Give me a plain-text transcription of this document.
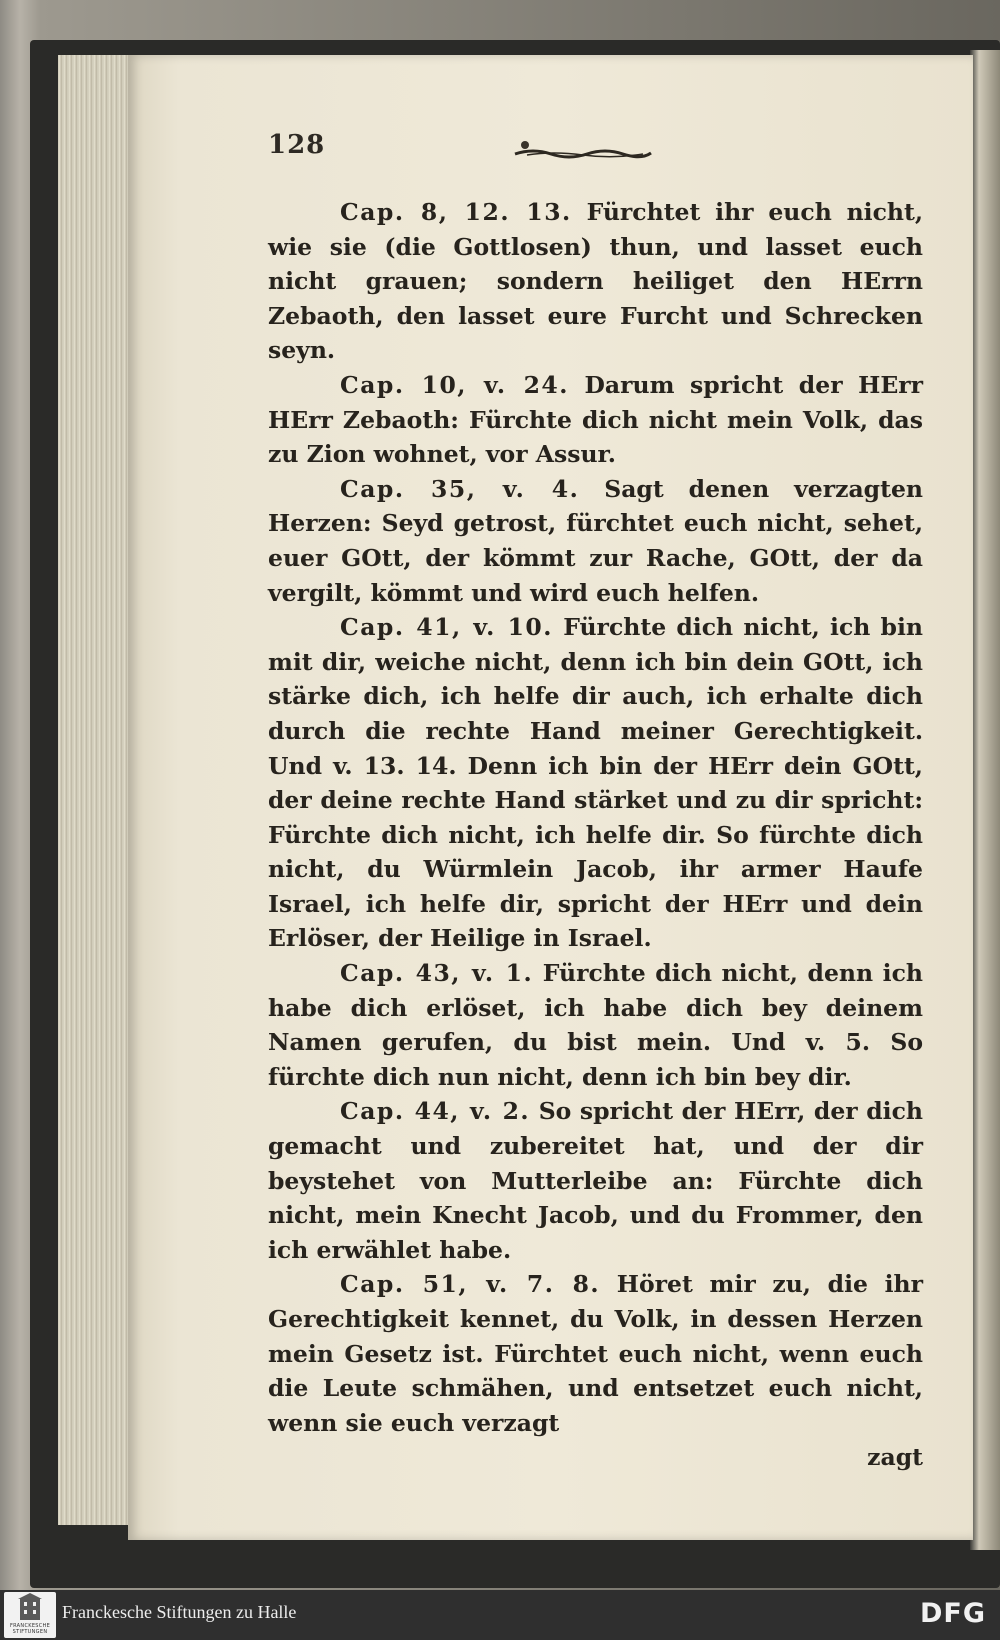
128

Cap. 8, 12. 13. Fürchtet ihr euch nicht, wie sie (die Gottlosen) thun, und lasset euch nicht grauen; sondern heiliget den HErrn Zebaoth, den lasset eure Furcht und Schrecken seyn.

Cap. 10, v. 24. Darum spricht der HErr HErr Zebaoth: Fürchte dich nicht mein Volk, das zu Zion wohnet, vor Assur.

Cap. 35, v. 4. Sagt denen verzagten Herzen: Seyd getrost, fürchtet euch nicht, sehet, euer GOtt, der kömmt zur Rache, GOtt, der da vergilt, kömmt und wird euch helfen.

Cap. 41, v. 10. Fürchte dich nicht, ich bin mit dir, weiche nicht, denn ich bin dein GOtt, ich stärke dich, ich helfe dir auch, ich erhalte dich durch die rechte Hand meiner Gerechtigkeit. Und v. 13. 14. Denn ich bin der HErr dein GOtt, der deine rechte Hand stärket und zu dir spricht: Fürchte dich nicht, ich helfe dir. So fürchte dich nicht, du Würmlein Jacob, ihr armer Haufe Israel, ich helfe dir, spricht der HErr und dein Erlöser, der Heilige in Israel.

Cap. 43, v. 1. Fürchte dich nicht, denn ich habe dich erlöset, ich habe dich bey deinem Namen gerufen, du bist mein. Und v. 5. So fürchte dich nun nicht, denn ich bin bey dir.

Cap. 44, v. 2. So spricht der HErr, der dich gemacht und zubereitet hat, und der dir beystehet von Mutterleibe an: Fürchte dich nicht, mein Knecht Jacob, und du Frommer, den ich erwählet habe.

Cap. 51, v. 7. 8. Höret mir zu, die ihr Gerechtigkeit kennet, du Volk, in dessen Herzen mein Gesetz ist. Fürchtet euch nicht, wenn euch die Leute schmähen, und entsetzet euch nicht, wenn sie euch verzagt

zagt
FRANCKESCHE STIFTUNGEN
Franckesche Stiftungen zu Halle	DFG
